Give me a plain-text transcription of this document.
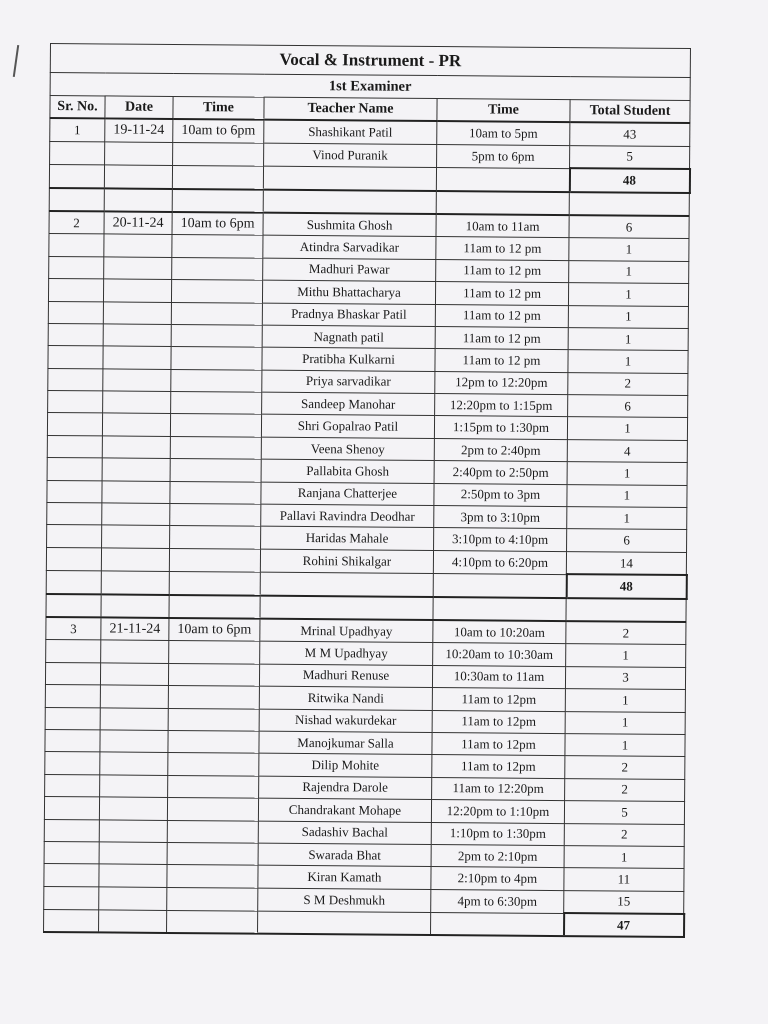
Vocal & Instrument - PR					
1st Examiner					
Sr. No.	Date	Time	Teacher Name	Time	Total Student
1	19-11-24	10am to 6pm	Shashikant Patil	10am to 5pm	43
			Vinod Puranik	5pm to 6pm	5
					48

2	20-11-24	10am to 6pm	Sushmita Ghosh	10am to 11am	6
			Atindra Sarvadikar	11am to 12 pm	1
			Madhuri Pawar	11am to 12 pm	1
			Mithu Bhattacharya	11am to 12 pm	1
			Pradnya Bhaskar Patil	11am to 12 pm	1
			Nagnath patil	11am to 12 pm	1
			Pratibha Kulkarni	11am to 12 pm	1
			Priya sarvadikar	12pm to 12:20pm	2
			Sandeep Manohar	12:20pm to 1:15pm	6
			Shri Gopalrao Patil	1:15pm to 1:30pm	1
			Veena Shenoy	2pm to 2:40pm	4
			Pallabita Ghosh	2:40pm to 2:50pm	1
			Ranjana Chatterjee	2:50pm to 3pm	1
			Pallavi Ravindra Deodhar	3pm to 3:10pm	1
			Haridas Mahale	3:10pm to 4:10pm	6
			Rohini Shikalgar	4:10pm to 6:20pm	14
					48

3	21-11-24	10am to 6pm	Mrinal Upadhyay	10am to 10:20am	2
			M M Upadhyay	10:20am to 10:30am	1
			Madhuri Renuse	10:30am to 11am	3
			Ritwika Nandi	11am to 12pm	1
			Nishad wakurdekar	11am to 12pm	1
			Manojkumar Salla	11am to 12pm	1
			Dilip Mohite	11am to 12pm	2
			Rajendra Darole	11am to 12:20pm	2
			Chandrakant Mohape	12:20pm to 1:10pm	5
			Sadashiv Bachal	1:10pm to 1:30pm	2
			Swarada Bhat	2pm to 2:10pm	1
			Kiran Kamath	2:10pm to 4pm	11
			S M Deshmukh	4pm to 6:30pm	15
					47
